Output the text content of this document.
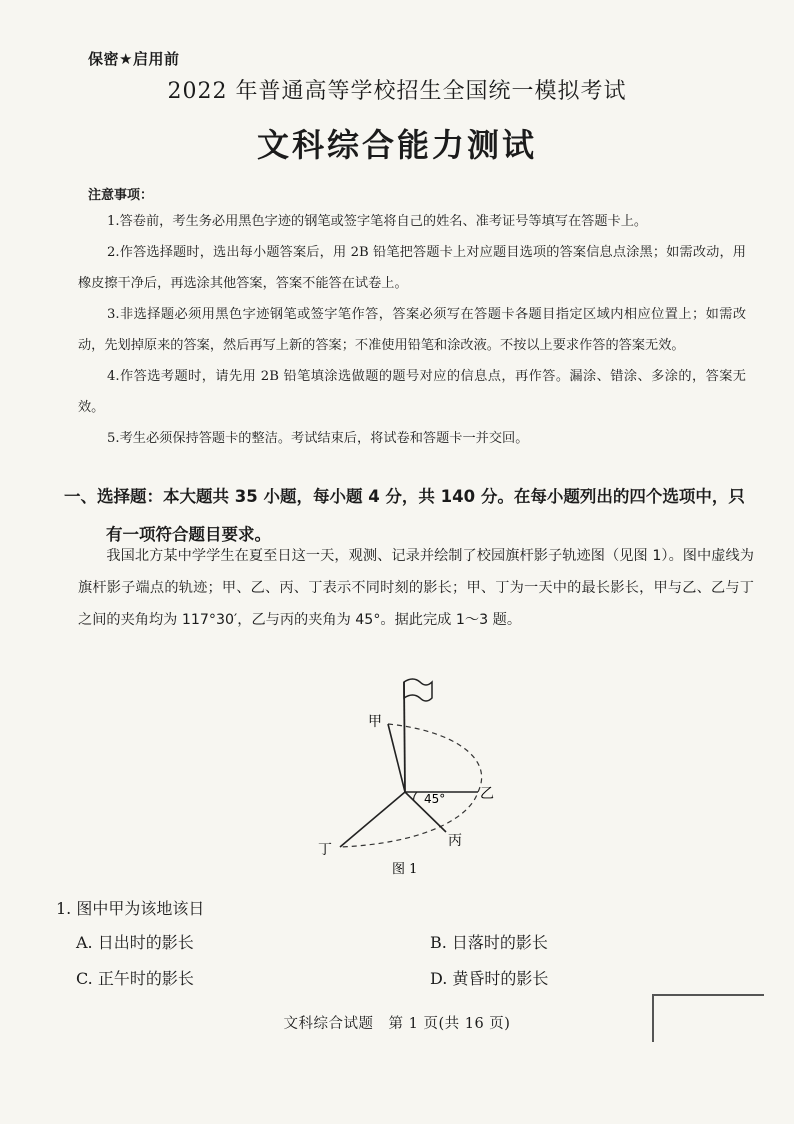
保密★启用前
2022 年普通高等学校招生全国统一模拟考试
文科综合能力测试
注意事项：

1.答卷前，考生务必用黑色字迹的钢笔或签字笔将自己的姓名、准考证号等填写在答题卡上。

2.作答选择题时，选出每小题答案后，用 2B 铅笔把答题卡上对应题目选项的答案信息点涂黑；如需改动，用橡皮擦干净后，再选涂其他答案，答案不能答在试卷上。

3.非选择题必须用黑色字迹钢笔或签字笔作答，答案必须写在答题卡各题目指定区域内相应位置上；如需改动，先划掉原来的答案，然后再写上新的答案；不准使用铅笔和涂改液。不按以上要求作答的答案无效。

4.作答选考题时，请先用 2B 铅笔填涂选做题的题号对应的信息点，再作答。漏涂、错涂、多涂的，答案无效。

5.考生必须保持答题卡的整洁。考试结束后，将试卷和答题卡一并交回。

一、选择题：本大题共 35 小题，每小题 4 分，共 140 分。在每小题列出的四个选项中，只
有一项符合题目要求。
我国北方某中学学生在夏至日这一天，观测、记录并绘制了校园旗杆影子轨迹图（见图 1）。图中虚线为旗杆影子端点的轨迹；甲、乙、丙、丁表示不同时刻的影长；甲、丁为一天中的最长影长，甲与乙、乙与丁之间的夹角均为 117°30′，乙与丙的夹角为 45°。据此完成 1～3 题。
甲
乙
丙
丁
45°
图 1
1. 图中甲为该地该日
A. 日出时的影长	B. 日落时的影长
C. 正午时的影长	D. 黄昏时的影长
文科综合试题　第 1 页(共 16 页)
